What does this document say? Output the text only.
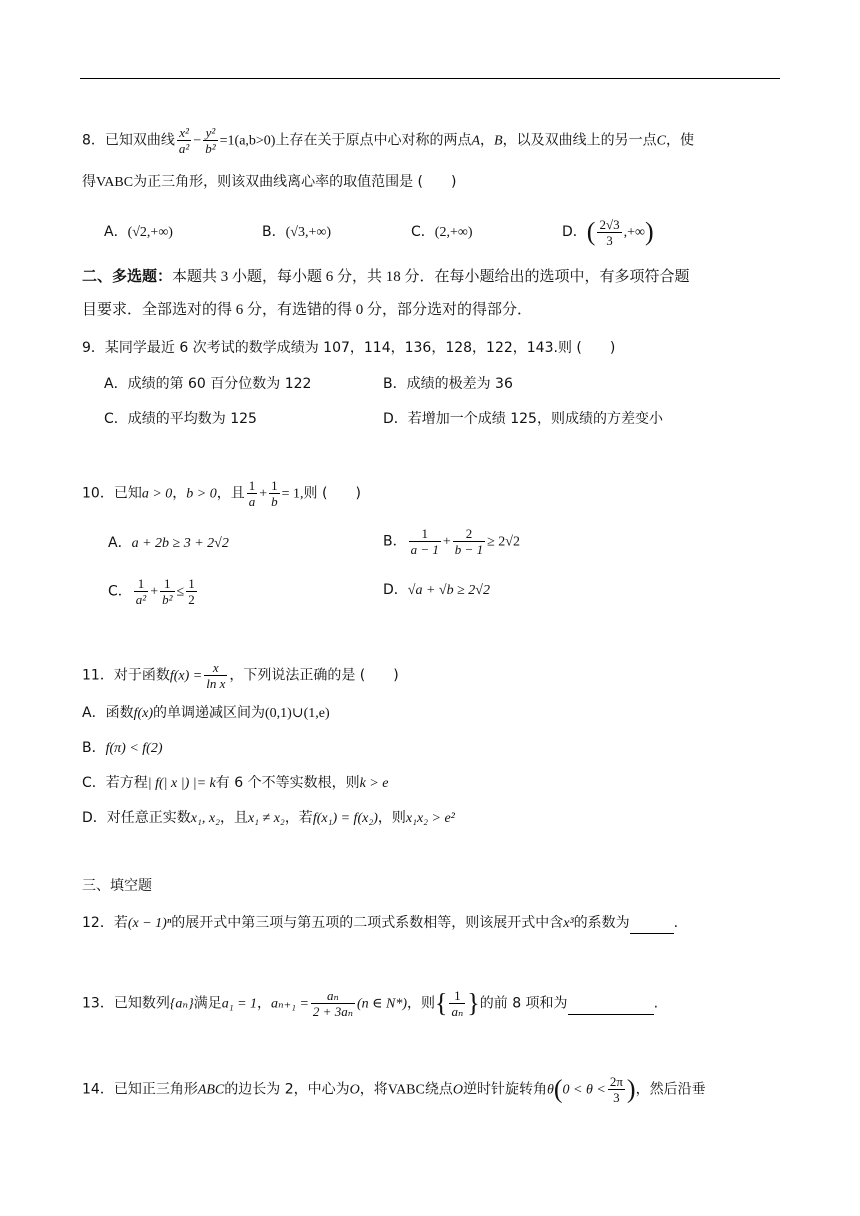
8．已知双曲线 $\frac{\text{x²}}{\text{a²}} - \frac{\text{y²}}{\text{b²}} =1(a,b>0)$上存在关于原点中心对称的两点A，B，以及双曲线上的另一点C，使
得VABC为正三角形，则该双曲线离心率的取值范围是 (　　)
A．(√2,+∞)	B．(√3,+∞)	C．(2,+∞)	D．( $\frac{2√3}{3}$ ,+∞)
二、多选题：本题共 3 小题，每小题 6 分，共 18 分．在每小题给出的选项中，有多项符合题
目要求．全部选对的得 6 分，有选错的得 0 分，部分选对的得部分．
9．某同学最近 6 次考试的数学成绩为 107，114，136，128，122，143.则 (　　)
A．成绩的第 60 百分位数为 122	B．成绩的极差为 36
C．成绩的平均数为 125	D．若增加一个成绩 125，则成绩的方差变小
10．已知a > 0，b > 0，且 $\frac{1}{a} + \frac{1}{b} = 1$,则 (　　)
A．a + 2b ≥ 3 + 2√2	B． $\frac{1}{a - 1} + \frac{2}{b - 1} \ge 2√2$
C． $\frac{1}{\text{a²}} + \frac{1}{\text{b²}} \le \frac{1}{2}$	D．√a + √b ≥ 2√2
11．对于函数$f(x) = \frac{x}{\text{ln x}}$ ，下列说法正确的是 (　　)
A．函数f(x)的单调递减区间为(0,1)∪(1,e)
B．f(π) < f(2)
C．若方程| f(| x |) |= k有 6 个不等实数根，则k > e
D．对任意正实数x₁, x₂，且x₁ ≠ x₂，若f(x₁) = f(x₂)，则x₁x₂ > e²
三、填空题
12．若(x − 1)ⁿ的展开式中第三项与第五项的二项式系数相等，则该展开式中含x³的系数为	.
13．已知数列{aₙ}满足a₁ = 1，$a_{n+1} = \frac{\text{aₙ}}{\text{2 + 3aₙ}} (n$ ∈ N*)，则{ $\frac{1}{\text{aₙ}}$ }的前 8 项和为	.
14．已知正三角形ABC的边长为 2，中心为O，将VABC绕点O逆时针旋转角$\theta(0 < \theta < \frac{2\pi}{3}$ )，然后沿垂
